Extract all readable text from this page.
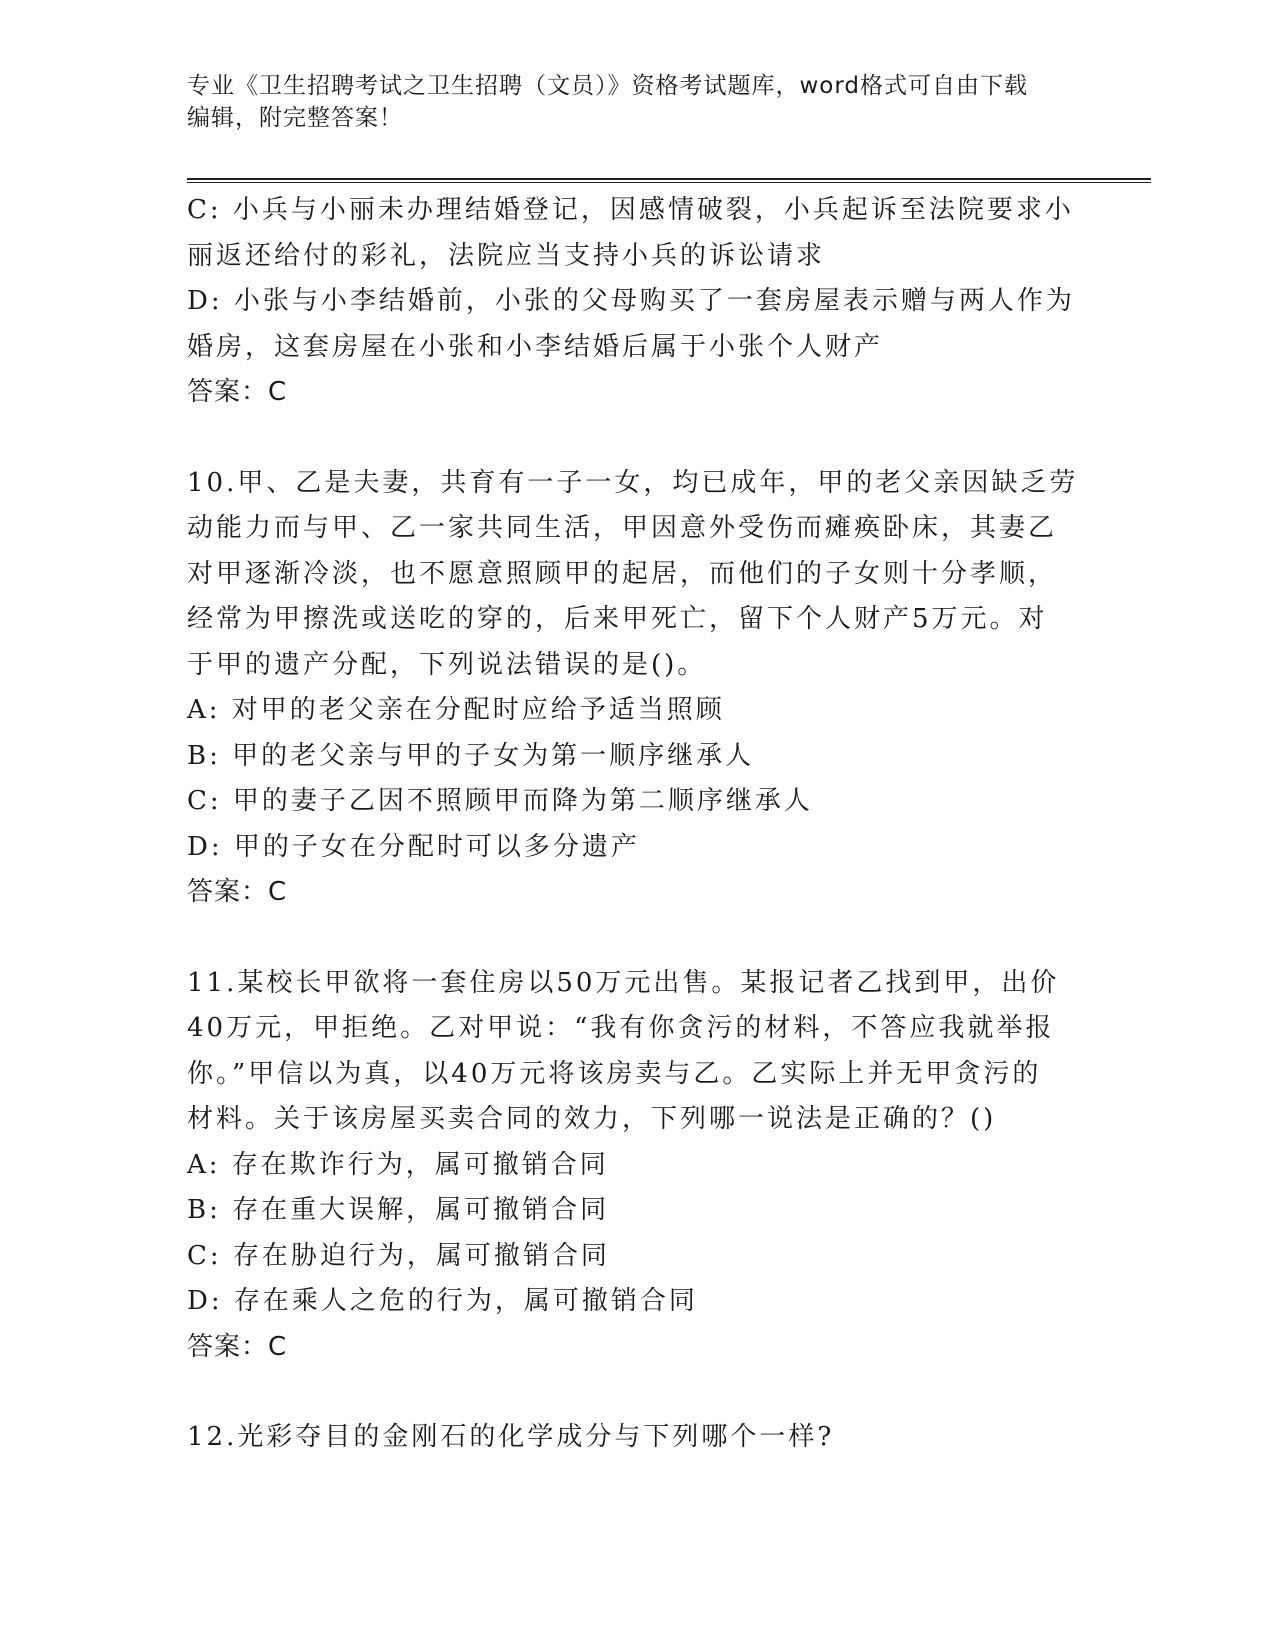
专业《卫生招聘考试之卫生招聘（文员）》资格考试题库，word格式可自由下载
编辑，附完整答案！

C: 小兵与小丽未办理结婚登记，因感情破裂，小兵起诉至法院要求小

丽返还给付的彩礼，法院应当支持小兵的诉讼请求

D: 小张与小李结婚前，小张的父母购买了一套房屋表示赠与两人作为

婚房，这套房屋在小张和小李结婚后属于小张个人财产

答案：C

10.甲、乙是夫妻，共育有一子一女，均已成年，甲的老父亲因缺乏劳

动能力而与甲、乙一家共同生活，甲因意外受伤而瘫痪卧床，其妻乙

对甲逐渐冷淡，也不愿意照顾甲的起居，而他们的子女则十分孝顺，

经常为甲擦洗或送吃的穿的，后来甲死亡，留下个人财产5万元。对

于甲的遗产分配，下列说法错误的是()。

A: 对甲的老父亲在分配时应给予适当照顾

B: 甲的老父亲与甲的子女为第一顺序继承人

C: 甲的妻子乙因不照顾甲而降为第二顺序继承人

D: 甲的子女在分配时可以多分遗产

答案：C

11.某校长甲欲将一套住房以50万元出售。某报记者乙找到甲，出价

40万元，甲拒绝。乙对甲说：“我有你贪污的材料，不答应我就举报

你。”甲信以为真，以40万元将该房卖与乙。乙实际上并无甲贪污的

材料。关于该房屋买卖合同的效力，下列哪一说法是正确的？()

A: 存在欺诈行为，属可撤销合同

B: 存在重大误解，属可撤销合同

C: 存在胁迫行为，属可撤销合同

D: 存在乘人之危的行为，属可撤销合同

答案：C

12.光彩夺目的金刚石的化学成分与下列哪个一样?
